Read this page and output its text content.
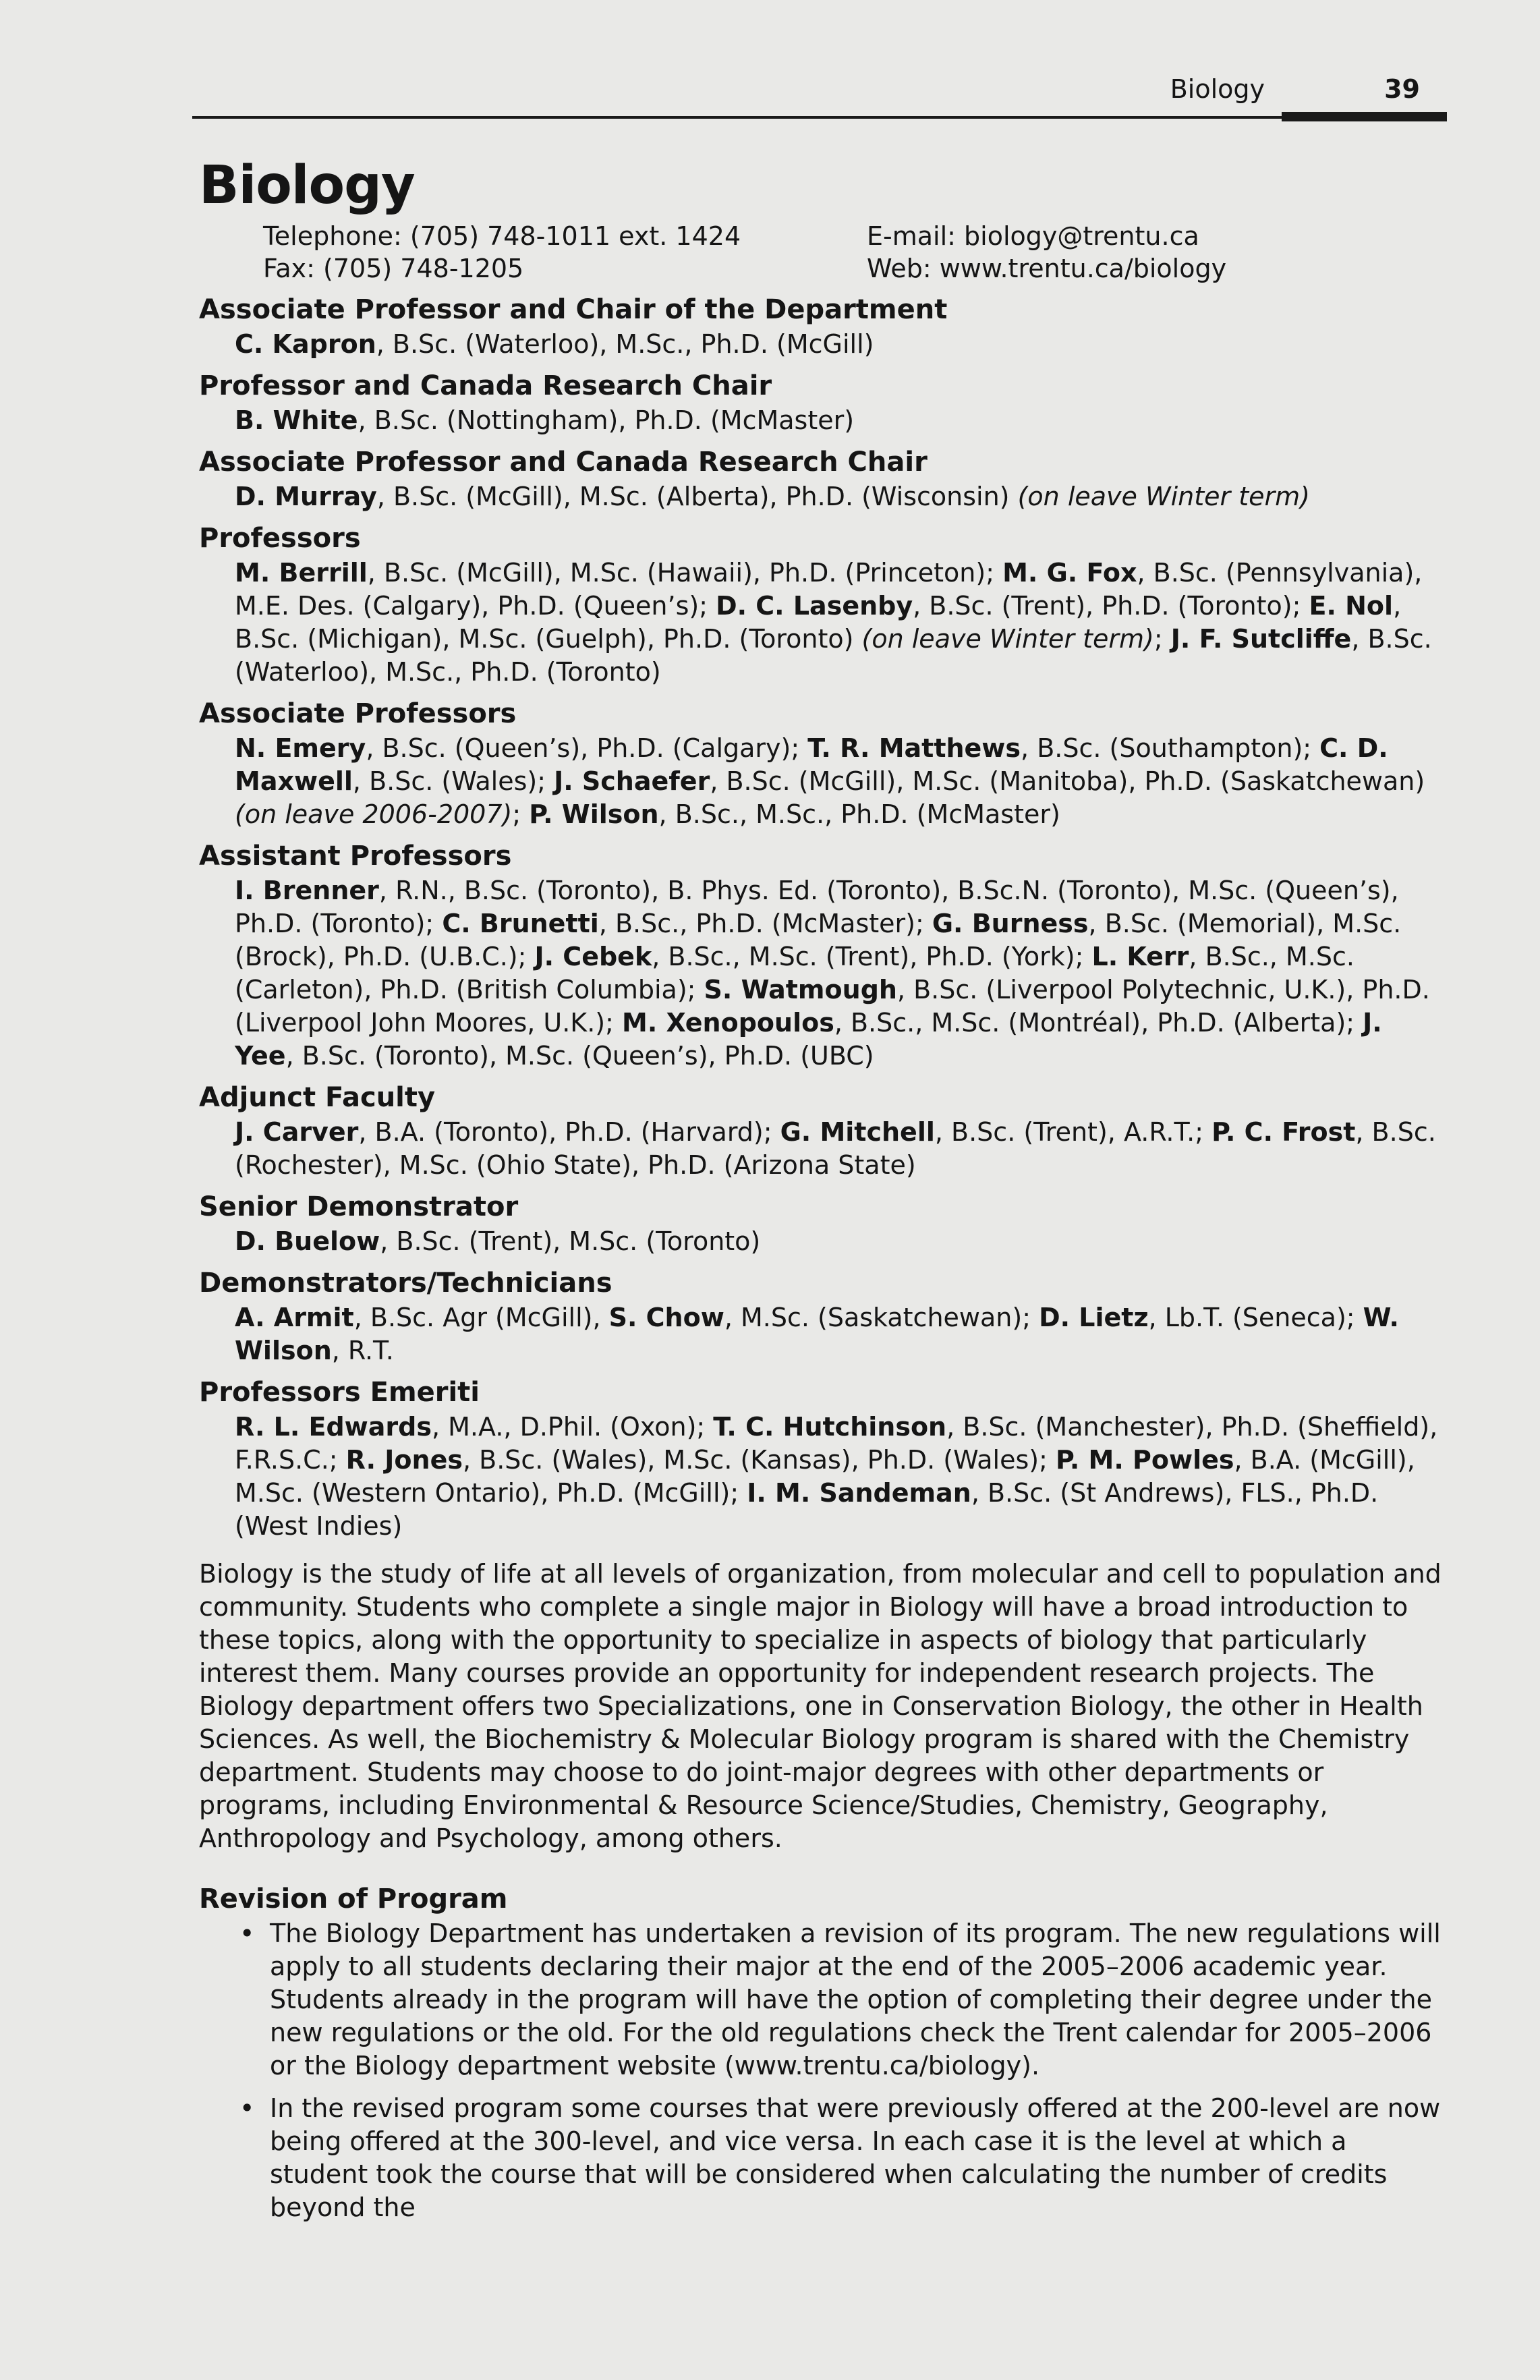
Biology	39
Biology
Telephone: (705) 748-1011 ext. 1424	E-mail: biology@trentu.ca
Fax: (705) 748-1205	Web: www.trentu.ca/biology
Associate Professor and Chair of the Department
C. Kapron, B.Sc. (Waterloo), M.Sc., Ph.D. (McGill)
Professor and Canada Research Chair
B. White, B.Sc. (Nottingham), Ph.D. (McMaster)
Associate Professor and Canada Research Chair
D. Murray, B.Sc. (McGill), M.Sc. (Alberta), Ph.D. (Wisconsin) (on leave Winter term)
Professors
M. Berrill, B.Sc. (McGill), M.Sc. (Hawaii), Ph.D. (Princeton); M. G. Fox, B.Sc. (Pennsylvania), M.E. Des. (Calgary), Ph.D. (Queen’s); D. C. Lasenby, B.Sc. (Trent), Ph.D. (Toronto); E. Nol, B.Sc. (Michigan), M.Sc. (Guelph), Ph.D. (Toronto) (on leave Winter term); J. F. Sutcliffe, B.Sc. (Waterloo), M.Sc., Ph.D. (Toronto)
Associate Professors
N. Emery, B.Sc. (Queen’s), Ph.D. (Calgary); T. R. Matthews, B.Sc. (Southampton); C. D. Maxwell, B.Sc. (Wales); J. Schaefer, B.Sc. (McGill), M.Sc. (Manitoba), Ph.D. (Saskatchewan) (on leave 2006-2007); P. Wilson, B.Sc., M.Sc., Ph.D. (McMaster)
Assistant Professors
I. Brenner, R.N., B.Sc. (Toronto), B. Phys. Ed. (Toronto), B.Sc.N. (Toronto), M.Sc. (Queen’s), Ph.D. (Toronto); C. Brunetti, B.Sc., Ph.D. (McMaster); G. Burness, B.Sc. (Memorial), M.Sc. (Brock), Ph.D. (U.B.C.); J. Cebek, B.Sc., M.Sc. (Trent), Ph.D. (York); L. Kerr, B.Sc., M.Sc. (Carleton), Ph.D. (British Columbia); S. Watmough, B.Sc. (Liverpool Polytechnic, U.K.), Ph.D. (Liverpool John Moores, U.K.); M. Xenopoulos, B.Sc., M.Sc. (Montréal), Ph.D. (Alberta); J. Yee, B.Sc. (Toronto), M.Sc. (Queen’s), Ph.D. (UBC)
Adjunct Faculty
J. Carver, B.A. (Toronto), Ph.D. (Harvard); G. Mitchell, B.Sc. (Trent), A.R.T.; P. C. Frost, B.Sc. (Rochester), M.Sc. (Ohio State), Ph.D. (Arizona State)
Senior Demonstrator
D. Buelow, B.Sc. (Trent), M.Sc. (Toronto)
Demonstrators/Technicians
A. Armit, B.Sc. Agr (McGill), S. Chow, M.Sc. (Saskatchewan); D. Lietz, Lb.T. (Seneca); W. Wilson, R.T.
Professors Emeriti
R. L. Edwards, M.A., D.Phil. (Oxon); T. C. Hutchinson, B.Sc. (Manchester), Ph.D. (Sheffield), F.R.S.C.; R. Jones, B.Sc. (Wales), M.Sc. (Kansas), Ph.D. (Wales); P. M. Powles, B.A. (McGill), M.Sc. (Western Ontario), Ph.D. (McGill); I. M. Sandeman, B.Sc. (St Andrews), FLS., Ph.D. (West Indies)

Biology is the study of life at all levels of organization, from molecular and cell to population and community. Students who complete a single major in Biology will have a broad introduction to these topics, along with the opportunity to specialize in aspects of biology that particularly interest them. Many courses provide an opportunity for independent research projects. The Biology department offers two Specializations, one in Conservation Biology, the other in Health Sciences. As well, the Biochemistry & Molecular Biology program is shared with the Chemistry department. Students may choose to do joint-major degrees with other departments or programs, including Environmental & Resource Science/Studies, Chemistry, Geography, Anthropology and Psychology, among others.

Revision of Program
• The Biology Department has undertaken a revision of its program. The new regulations will apply to all students declaring their major at the end of the 2005–2006 academic year. Students already in the program will have the option of completing their degree under the new regulations or the old. For the old regulations check the Trent calendar for 2005–2006 or the Biology department website (www.trentu.ca/biology).
• In the revised program some courses that were previously offered at the 200-level are now being offered at the 300-level, and vice versa. In each case it is the level at which a student took the course that will be considered when calculating the number of credits beyond the
